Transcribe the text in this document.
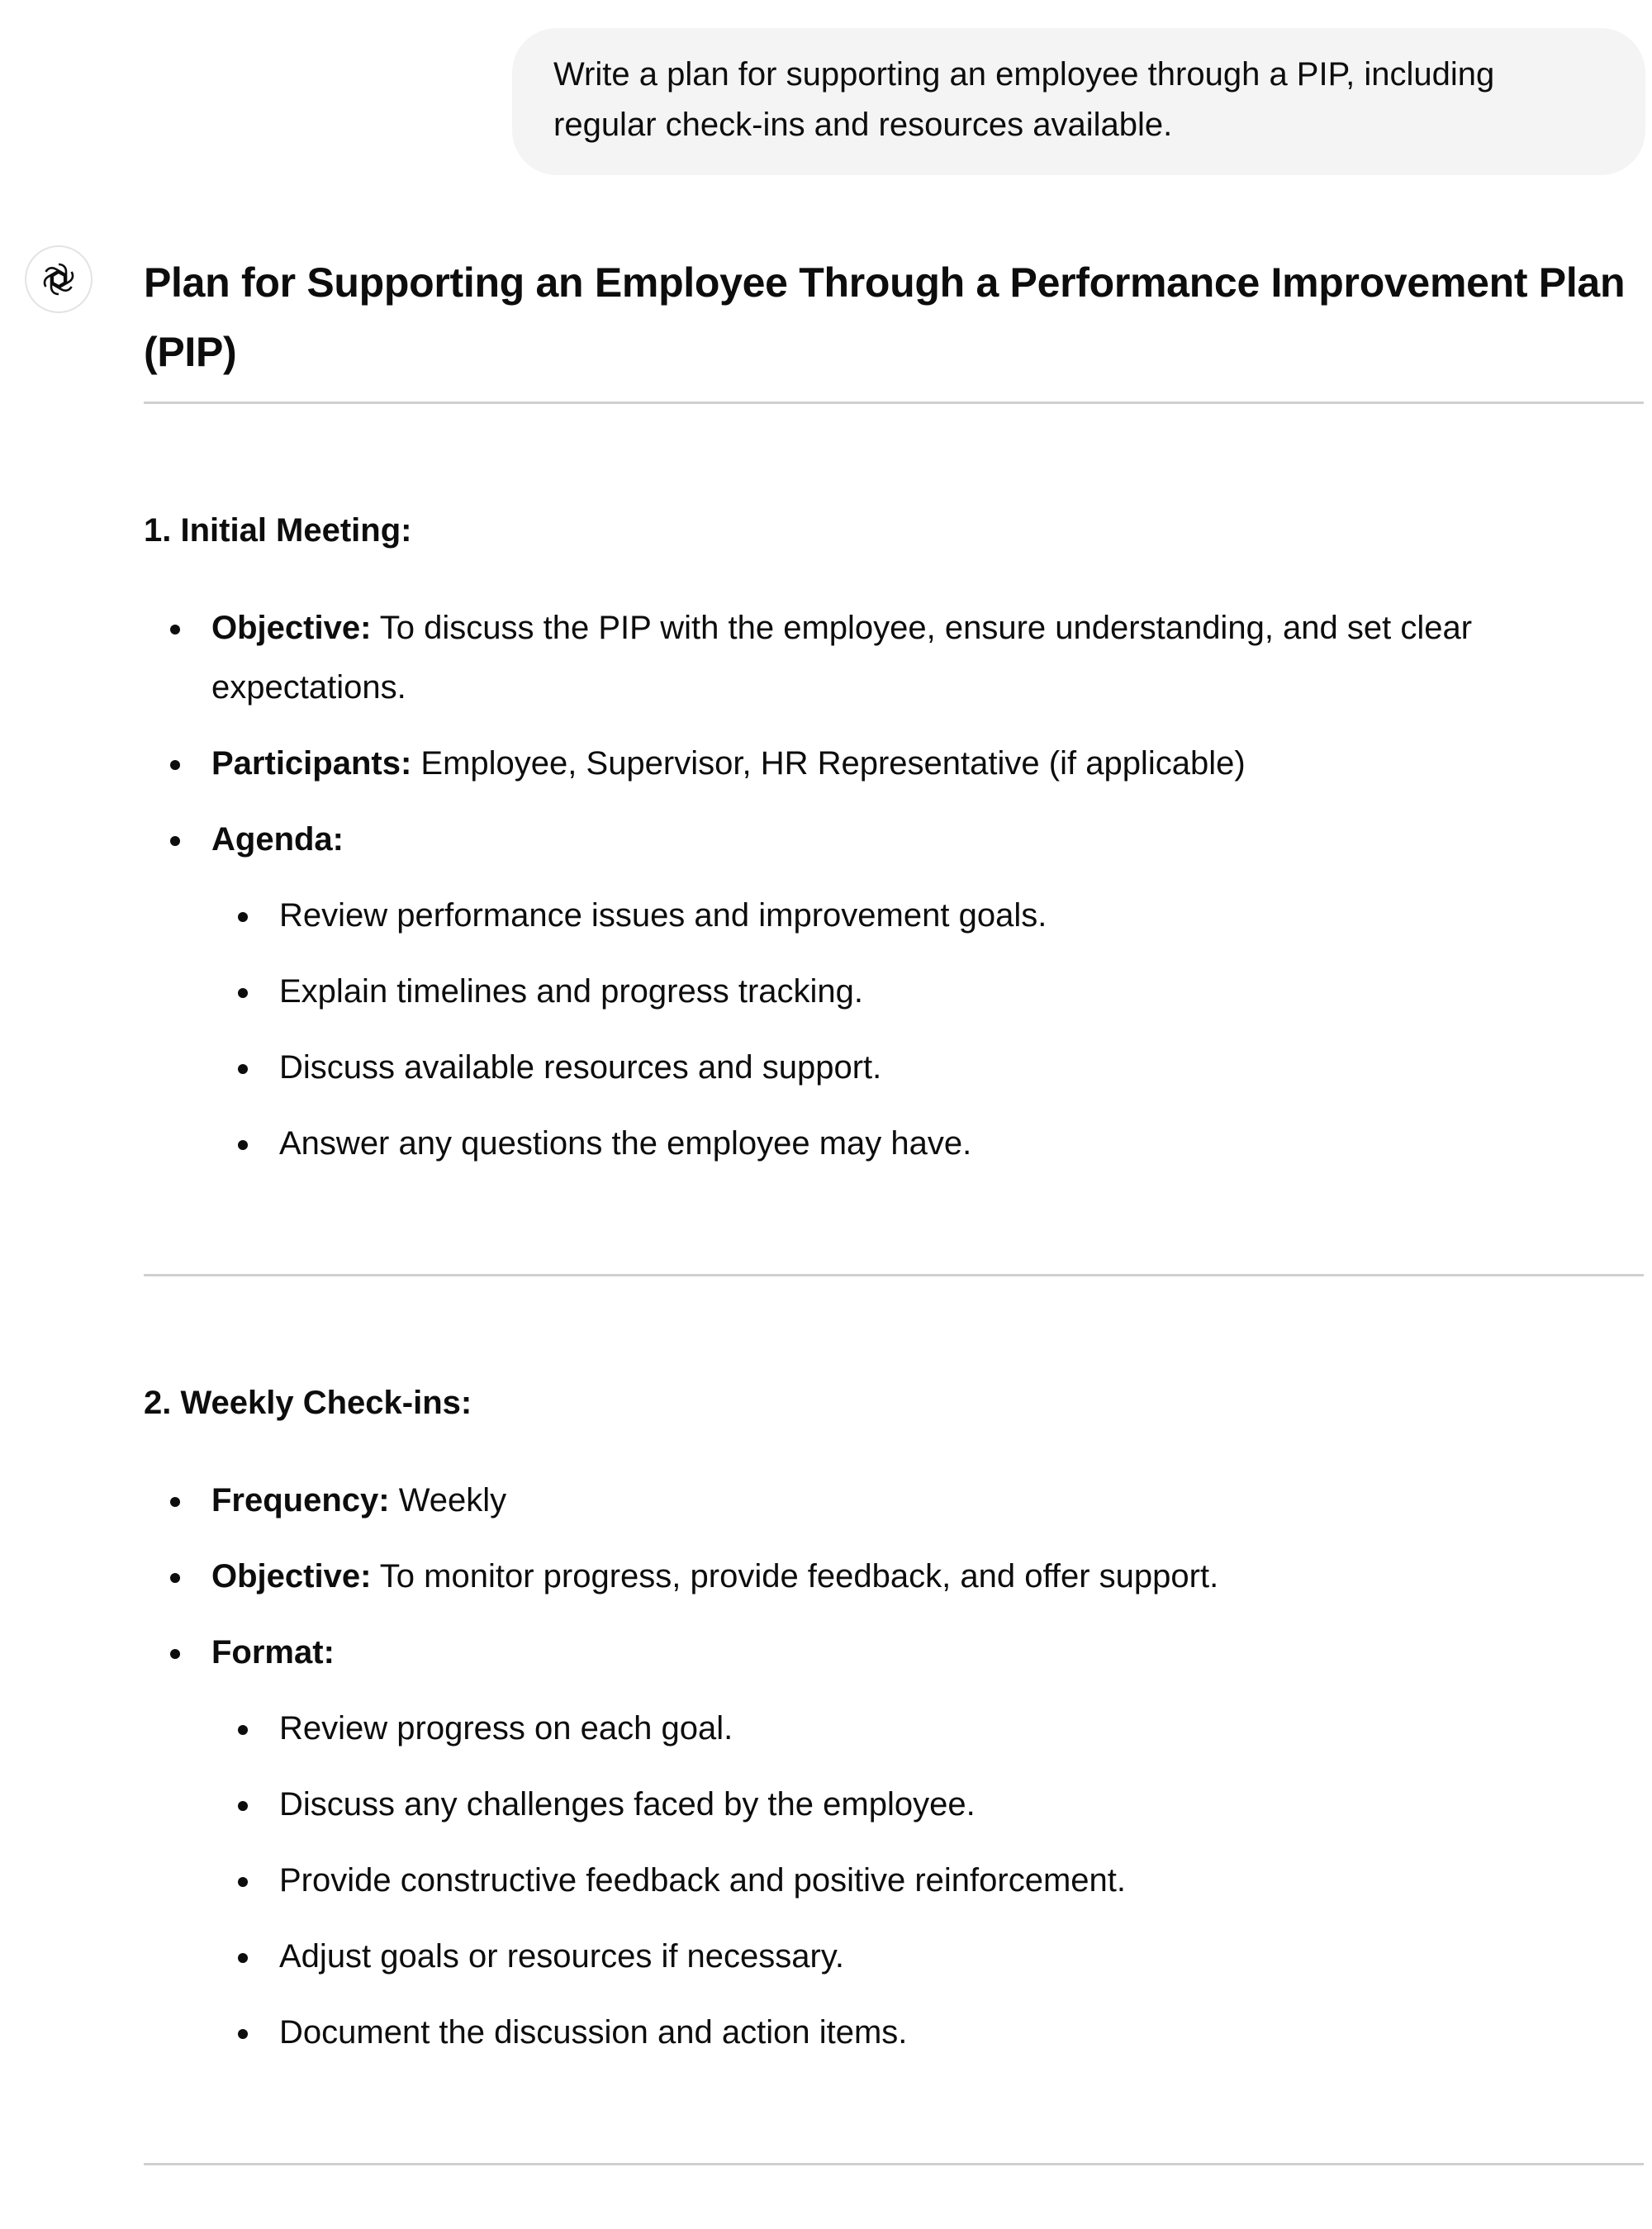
Write a plan for supporting an employee through a PIP, including regular check-ins and resources available.
Plan for Supporting an Employee Through a Performance Improvement Plan (PIP)

1. Initial Meeting:

Objective: To discuss the PIP with the employee, ensure understanding, and set clear expectations.
Participants: Employee, Supervisor, HR Representative (if applicable)
Agenda:
Review performance issues and improvement goals.
Explain timelines and progress tracking.
Discuss available resources and support.
Answer any questions the employee may have.

2. Weekly Check-ins:

Frequency: Weekly
Objective: To monitor progress, provide feedback, and offer support.
Format:
Review progress on each goal.
Discuss any challenges faced by the employee.
Provide constructive feedback and positive reinforcement.
Adjust goals or resources if necessary.
Document the discussion and action items.
